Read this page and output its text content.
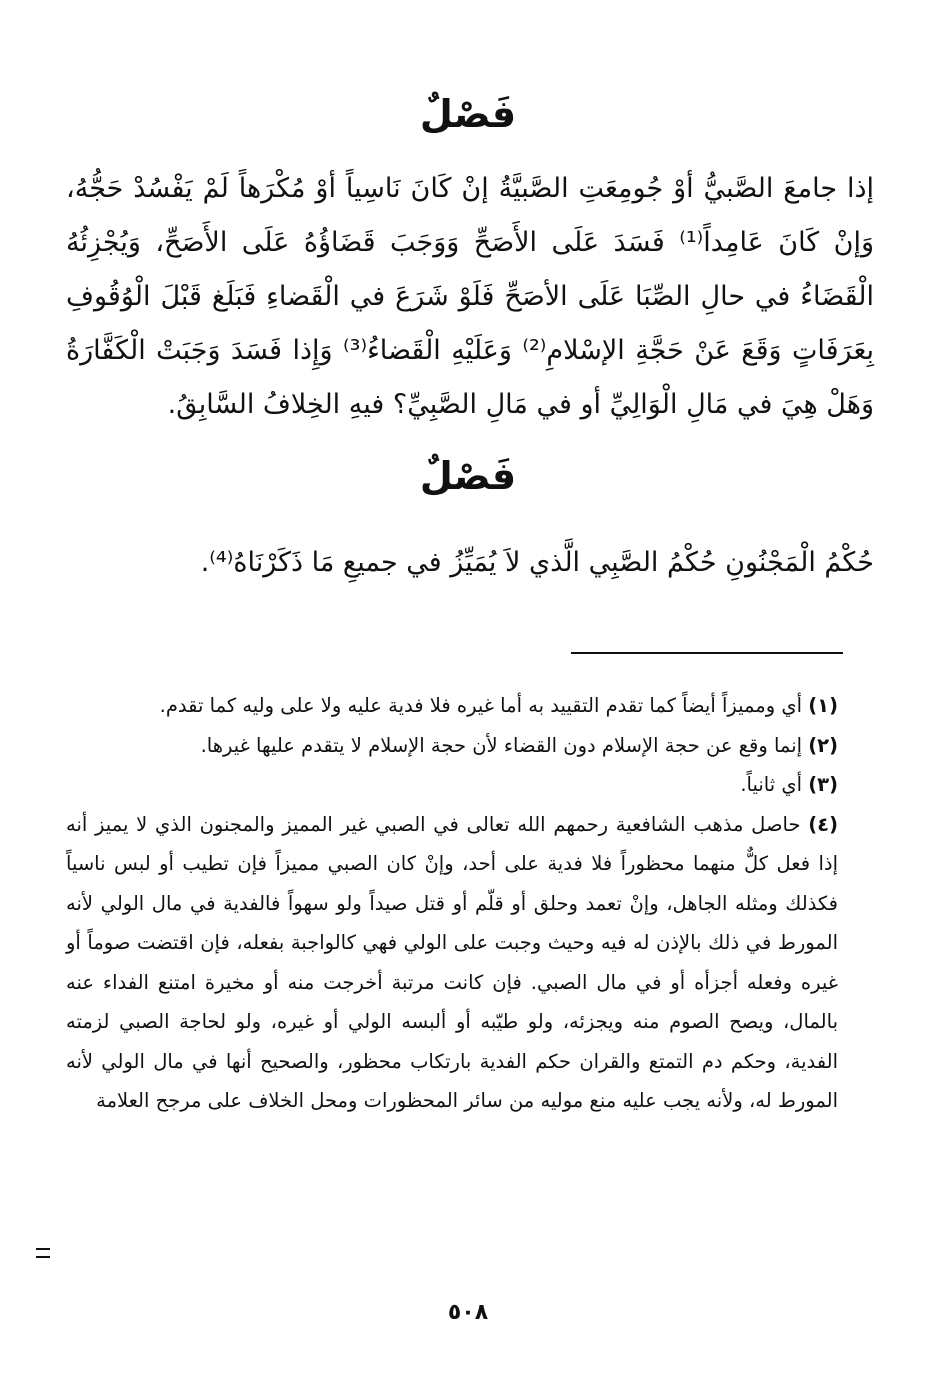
فَصْلٌ

إذا جامعَ الصَّبيُّ أوْ جُومِعَتِ الصَّبيَّةُ إنْ كَانَ نَاسِياً أوْ مُكْرَهاً لَمْ يَفْسُدْ حَجُّهُ، وَإنْ كَانَ عَامِداً⁽¹⁾ فَسَدَ عَلَى الأَصَحِّ وَوَجَبَ قَضَاؤُهُ عَلَى الأَصَحِّ، وَيُجْزِئُهُ الْقَضَاءُ في حالِ الصِّبَا عَلَى الأصَحِّ فَلَوْ شَرَعَ في الْقَضاءِ فَبَلَغ قَبْلَ الْوُقُوفِ بِعَرَفَاتٍ وَقَعَ عَنْ حَجَّةِ الإسْلامِ⁽²⁾ وَعَلَيْهِ الْقَضاءُ⁽³⁾ وَإِذا فَسَدَ وَجَبَتْ الْكَفَّارَةُ وَهَلْ هِيَ في مَالِ الْوَالِيِّ أو في مَالِ الصَّبِيِّ؟ فيهِ الخِلافُ السَّابِقُ.

فَصْلٌ

حُكْمُ الْمَجْنُونِ حُكْمُ الصَّبِي الَّذي لاَ يُمَيِّزُ في جميعِ مَا ذَكَرْنَاهُ⁽⁴⁾.

(١) أي ومميزاً أيضاً كما تقدم التقييد به أما غيره فلا فدية عليه ولا على وليه كما تقدم.

(٢) إنما وقع عن حجة الإسلام دون القضاء لأن حجة الإسلام لا يتقدم عليها غيرها.

(٣) أي ثانياً.

(٤) حاصل مذهب الشافعية رحمهم الله تعالى في الصبي غير المميز والمجنون الذي لا يميز أنه إذا فعل كلٌّ منهما محظوراً فلا فدية على أحد، وإنْ كان الصبي مميزاً فإن تطيب أو لبس ناسياً فكذلك ومثله الجاهل، وإنْ تعمد وحلق أو قلّم أو قتل صيداً ولو سهواً فالفدية في مال الولي لأنه المورط في ذلك بالإذن له فيه وحيث وجبت على الولي فهي كالواجبة بفعله، فإن اقتضت صوماً أو غيره وفعله أجزأه أو في مال الصبي. فإن كانت مرتبة أخرجت منه أو مخيرة امتنع الفداء عنه بالمال، ويصح الصوم منه ويجزئه، ولو طيّبه أو ألبسه الولي أو غيره، ولو لحاجة الصبي لزمته الفدية، وحكم دم التمتع والقران حكم الفدية بارتكاب محظور، والصحيح أنها في مال الولي لأنه المورط له، ولأنه يجب عليه منع موليه من سائر المحظورات ومحل الخلاف على مرجح العلامة

٥٠٨
